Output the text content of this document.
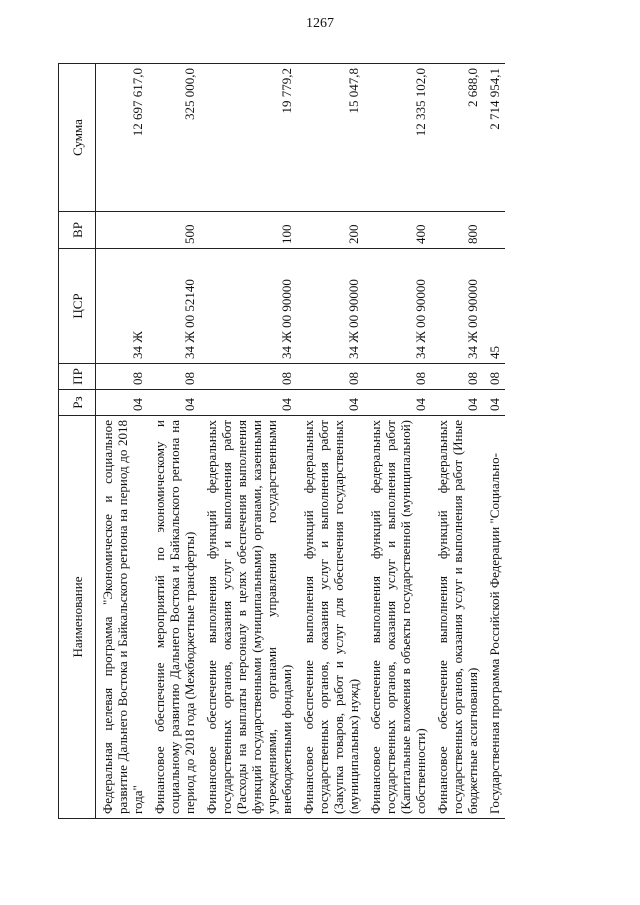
1267
Наименование	Рз	ПР	ЦСР	ВР	Сумма
Федеральная целевая программа "Экономическое и социальное развитие Дальнего Востока и Байкальского региона на период до 2018 года"	04	08	34 Ж		12 697 617,0
Финансовое обеспечение мероприятий по экономическому и социальному развитию Дальнего Востока и Байкальского региона на период до 2018 года (Межбюджетные трансферты)	04	08	34 Ж 00 52140	500	325 000,0
Финансовое обеспечение выполнения функций федеральных государственных органов, оказания услуг и выполнения работ (Расходы на выплаты персоналу в целях обеспечения выполнения функций государственными (муниципальными) органами, казенными учреждениями, органами управления государственными внебюджетными фондами)	04	08	34 Ж 00 90000	100	19 779,2
Финансовое обеспечение выполнения функций федеральных государственных органов, оказания услуг и выполнения работ (Закупка товаров, работ и услуг для обеспечения государственных (муниципальных) нужд)	04	08	34 Ж 00 90000	200	15 047,8
Финансовое обеспечение выполнения функций федеральных государственных органов, оказания услуг и выполнения работ (Капитальные вложения в объекты государственной (муниципальной) собственности)	04	08	34 Ж 00 90000	400	12 335 102,0
Финансовое обеспечение выполнения функций федеральных государственных органов, оказания услуг и выполнения работ (Иные бюджетные ассигнования)	04	08	34 Ж 00 90000	800	2 688,0
Государственная программа Российской Федерации "Социально-	04	08	45		2 714 954,1
